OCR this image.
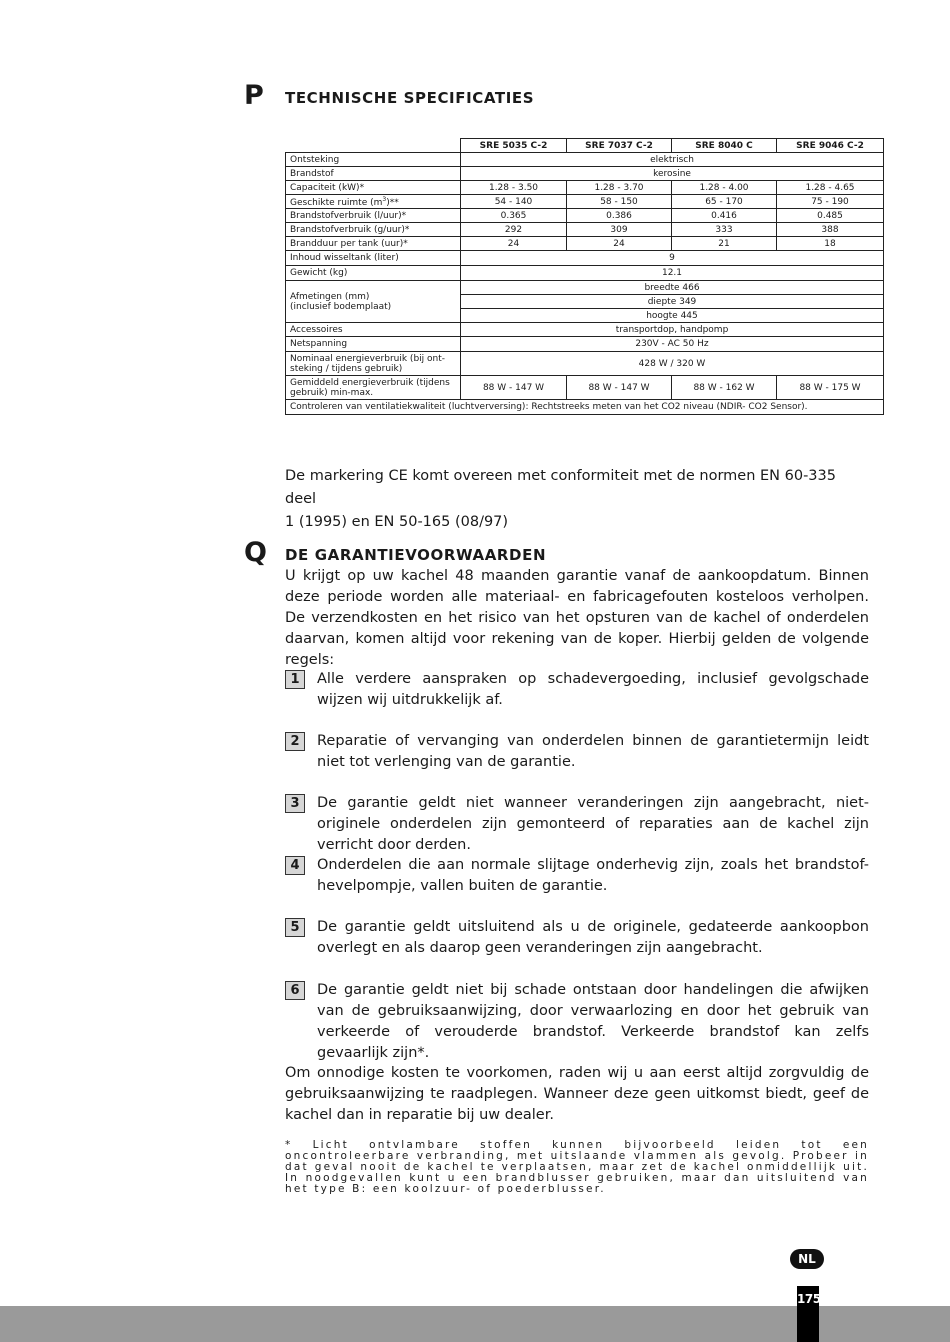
P TECHNISCHE SPECIFICATIES
	SRE 5035 C-2	SRE 7037 C-2	SRE 8040 C	SRE 9046 C-2
Ontsteking	elektrisch			
Brandstof	kerosine			
Capaciteit (kW)*	1.28 - 3.50	1.28 - 3.70	1.28 - 4.00	1.28 - 4.65
Geschikte ruimte $(m^3)**$	54 - 140	58 - 150	65 - 170	75 - 190
Brandstofverbruik (l/uur)*	0.365	0.386	0.416	0.485
Brandstofverbruik (g/uur)*	292	309	333	388
Brandduur per tank (uur)*	24	24	21	18
Inhoud wisseltank (liter)	9			
Gewicht (kg)	12.1			
Afmetingen (mm)
(inclusief bodemplaat)	breedte 466			
	diepte 349			
	hoogte 445			
Accessoires	transportdop, handpomp			
Netspanning	230V - AC 50 Hz			
Nominaal energieverbruik (bij ont-
steking / tijdens gebruik)	428 W / 320 W			
Gemiddeld energieverbruik (tijdens
gebruik) min-max.	88 W - 147 W	88 W - 147 W	88 W - 162 W	88 W - 175 W
Controleren van ventilatiekwaliteit (luchtverversing): Rechtstreeks meten van het CO2 niveau (NDIR- CO2 Sensor).				
De markering CE komt overeen met conformiteit met de normen EN 60-335 deel
1 (1995) en EN 50-165 (08/97)
Q DE GARANTIEVOORWAARDEN
U krijgt op uw kachel 48 maanden garantie vanaf de aankoopdatum. Binnen deze periode worden alle materiaal- en fabricagefouten kosteloos verholpen. De verzendkosten en het risico van het opsturen van de kachel of onderdelen daarvan, komen altijd voor rekening van de koper. Hierbij gelden de volgende regels:
1	Alle verdere aanspraken op schadevergoeding, inclusief gevolgschade wijzen wij uitdrukkelijk af.
2	Reparatie of vervanging van onderdelen binnen de garantietermijn leidt niet tot verlenging van de garantie.
3	De garantie geldt niet wanneer veranderingen zijn aangebracht, niet-originele onderdelen zijn gemonteerd of reparaties aan de kachel zijn verricht door derden.
4	Onderdelen die aan normale slijtage onderhevig zijn, zoals het brandstof-hevelpompje, vallen buiten de garantie.
5	De garantie geldt uitsluitend als u de originele, gedateerde aankoopbon overlegt en als daarop geen veranderingen zijn aangebracht.
6	De garantie geldt niet bij schade ontstaan door handelingen die afwijken van de gebruiksaanwijzing, door verwaarlozing en door het gebruik van verkeerde of verouderde brandstof. Verkeerde brandstof kan zelfs gevaarlijk zijn*.
Om onnodige kosten te voorkomen, raden wij u aan eerst altijd zorgvuldig de gebruiksaanwijzing te raadplegen. Wanneer deze geen uitkomst biedt, geef de kachel dan in reparatie bij uw dealer.
* Licht ontvlambare stoffen kunnen bijvoorbeeld leiden tot een oncontroleerbare verbranding, met uitslaande vlammen als gevolg. Probeer in dat geval nooit de kachel te verplaatsen, maar zet de kachel onmiddellijk uit. In noodgevallen kunt u een brandblusser gebruiken, maar dan uitsluitend van het type B: een koolzuur- of poederblusser.
NL
175
